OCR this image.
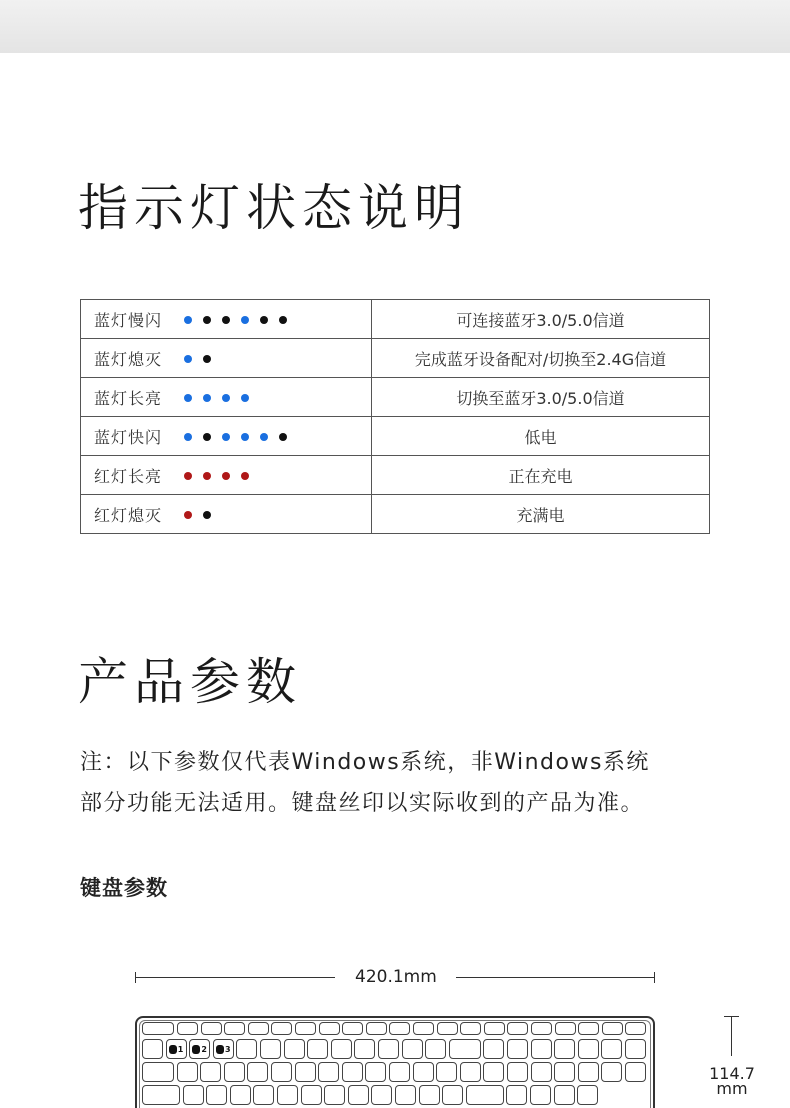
指示灯状态说明
蓝灯慢闪	可连接蓝牙3.0/5.0信道
蓝灯熄灭	完成蓝牙设备配对/切换至2.4G信道
蓝灯长亮	切换至蓝牙3.0/5.0信道
蓝灯快闪	低电
红灯长亮	正在充电
红灯熄灭	充满电
产品参数
注：以下参数仅代表Windows系统，非Windows系统
部分功能无法适用。键盘丝印以实际收到的产品为准。
键盘参数
420.1mm
114.7
mm
1 2 3
